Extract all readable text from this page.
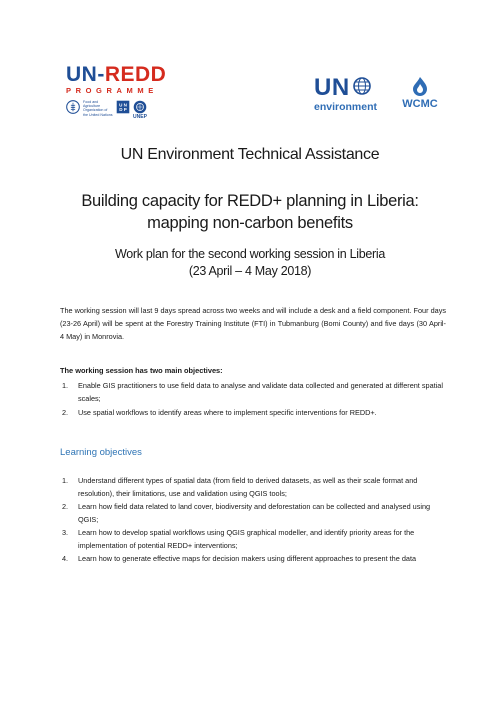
UN-REDD
PROGRAMME
Food and Agriculture Organization of the United Nations
U N
D P
UNEP
UN
environment	WCMC
UN Environment Technical Assistance
Building capacity for REDD+ planning in Liberia:
mapping non-carbon benefits
Work plan for the second working session in Liberia
(23 April – 4 May 2018)

The working session will last 9 days spread across two weeks and will include a desk and a field component. Four days (23-26 April) will be spent at the Forestry Training Institute (FTI) in Tubmanburg (Bomi County) and five days (30 April- 4 May) in Monrovia.

The working session has two main objectives:
1. Enable GIS practitioners to use field data to analyse and validate data collected and generated at different spatial scales;
2. Use spatial workflows to identify areas where to implement specific interventions for REDD+.
Learning objectives
1. Understand different types of spatial data (from field to derived datasets, as well as their scale format and resolution), their limitations, use and validation using QGIS tools;
2. Learn how field data related to land cover, biodiversity and deforestation can be collected and analysed using QGIS;
3. Learn how to develop spatial workflows using QGIS graphical modeller, and identify priority areas for the implementation of potential REDD+ interventions;
4. Learn how to generate effective maps for decision makers using different approaches to present the data
